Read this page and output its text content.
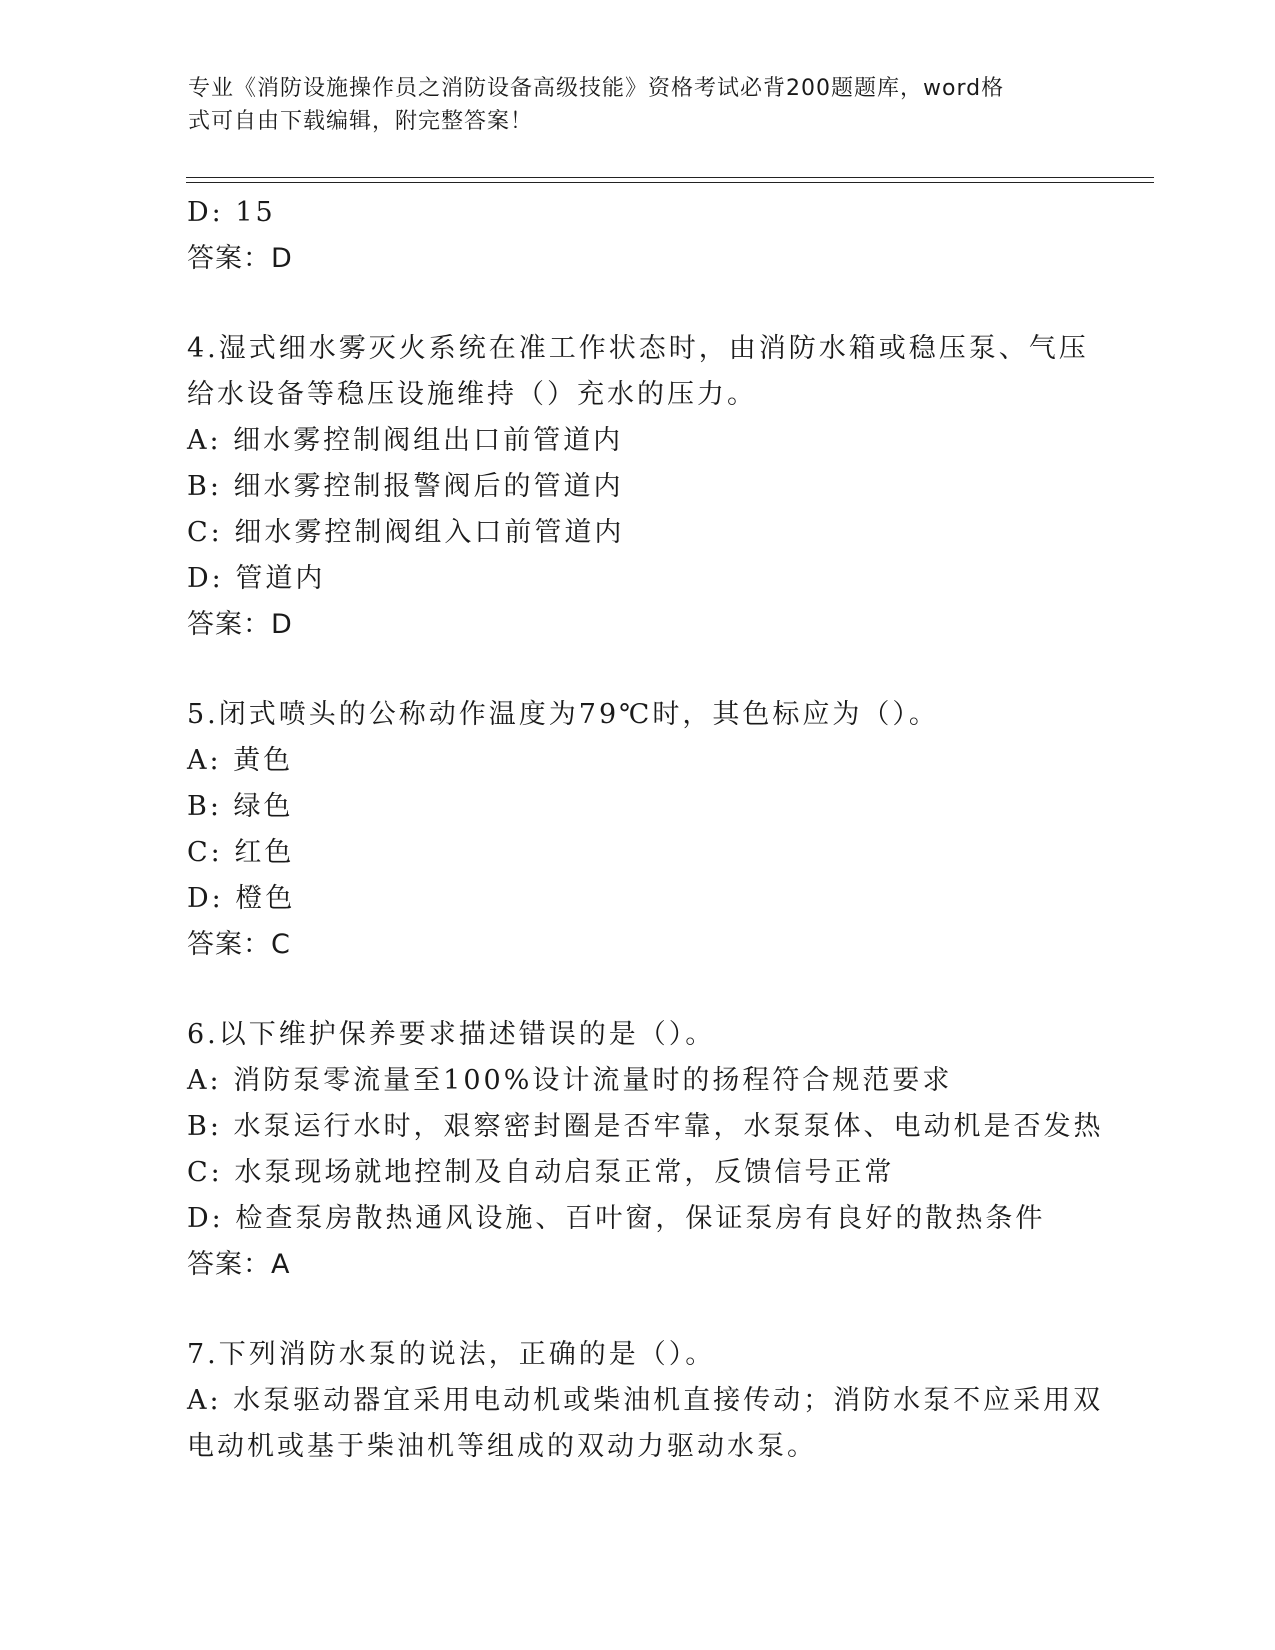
专业《消防设施操作员之消防设备高级技能》资格考试必背200题题库，word格
式可自由下载编辑，附完整答案！
D: 15
答案：D
4.湿式细水雾灭火系统在准工作状态时，由消防水箱或稳压泵、气压
给水设备等稳压设施维持（）充水的压力。
A: 细水雾控制阀组出口前管道内
B: 细水雾控制报警阀后的管道内
C: 细水雾控制阀组入口前管道内
D: 管道内
答案：D
5.闭式喷头的公称动作温度为79℃时，其色标应为（）。
A: 黄色
B: 绿色
C: 红色
D: 橙色
答案：C
6.以下维护保养要求描述错误的是（）。
A: 消防泵零流量至100%设计流量时的扬程符合规范要求
B: 水泵运行水时，艰察密封圈是否牢靠，水泵泵体、电动机是否发热
C: 水泵现场就地控制及自动启泵正常，反馈信号正常
D: 检查泵房散热通风设施、百叶窗，保证泵房有良好的散热条件
答案：A
7.下列消防水泵的说法，正确的是（）。
A: 水泵驱动器宜采用电动机或柴油机直接传动；消防水泵不应采用双
电动机或基于柴油机等组成的双动力驱动水泵。
